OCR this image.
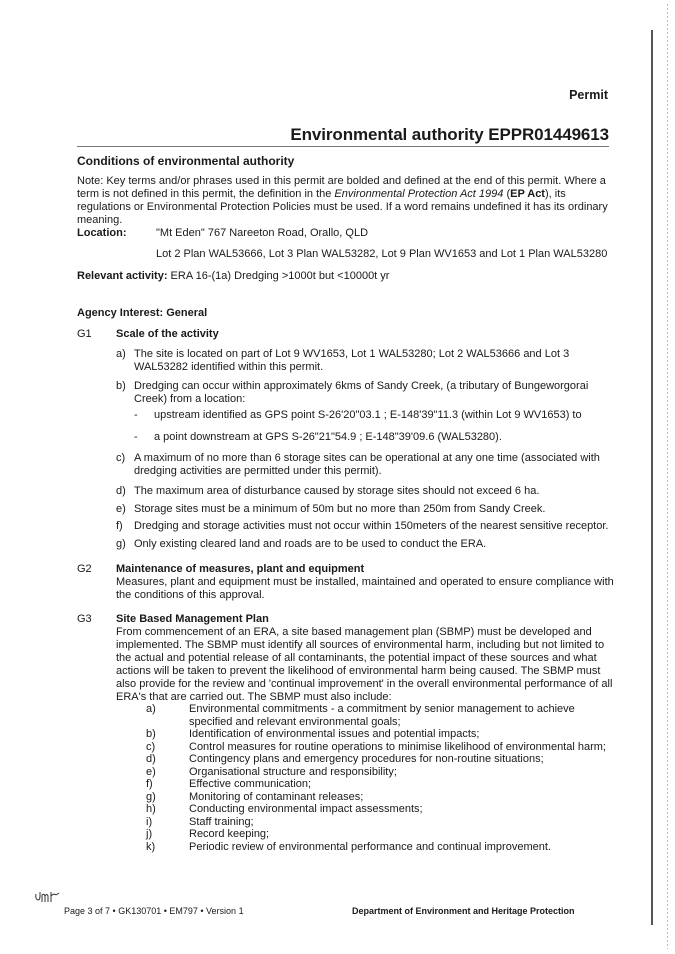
Permit
Environmental authority EPPR01449613
Conditions of environmental authority
Note: Key terms and/or phrases used in this permit are bolded and defined at the end of this permit. Where a term is not defined in this permit, the definition in the Environmental Protection Act 1994 (EP Act), its regulations or Environmental Protection Policies must be used. If a word remains undefined it has its ordinary meaning.
Location:	"Mt Eden" 767 Nareeton Road, Orallo, QLD
Lot 2 Plan WAL53666, Lot 3 Plan WAL53282, Lot 9 Plan WV1653 and Lot 1 Plan WAL53280
Relevant activity: ERA 16-(1a) Dredging >1000t but <10000t yr
Agency Interest: General
G1 Scale of the activity
a) The site is located on part of Lot 9 WV1653, Lot 1 WAL53280; Lot 2 WAL53666 and Lot 3
WAL53282 identified within this permit.
b) Dredging can occur within approximately 6kms of Sandy Creek, (a tributary of Bungeworgorai
Creek) from a location:
- upstream identified as GPS point S-26'20"03.1 ; E-148'39"11.3 (within Lot 9 WV1653) to
- a point downstream at GPS S-26"21"54.9 ; E-148"39'09.6 (WAL53280).
c) A maximum of no more than 6 storage sites can be operational at any one time (associated with
dredging activities are permitted under this permit).
d) The maximum area of disturbance caused by storage sites should not exceed 6 ha.
e) Storage sites must be a minimum of 50m but no more than 250m from Sandy Creek.
f) Dredging and storage activities must not occur within 150meters of the nearest sensitive receptor.
g) Only existing cleared land and roads are to be used to conduct the ERA.
G2 Maintenance of measures, plant and equipment
Measures, plant and equipment must be installed, maintained and operated to ensure compliance with
the conditions of this approval.
G3 Site Based Management Plan
From commencement of an ERA, a site based management plan (SBMP) must be developed and
implemented. The SBMP must identify all sources of environmental harm, including but not limited to
the actual and potential release of all contaminants, the potential impact of these sources and what
actions will be taken to prevent the likelihood of environmental harm being caused. The SBMP must
also provide for the review and 'continual improvement' in the overall environmental performance of all
ERA's that are carried out. The SBMP must also include:
a)	Environmental commitments - a commitment by senior management to achieve
specified and relevant environmental goals;
b)	Identification of environmental issues and potential impacts;
c)	Control measures for routine operations to minimise likelihood of environmental harm;
d)	Contingency plans and emergency procedures for non-routine situations;
e)	Organisational structure and responsibility;
f)	Effective communication;
g)	Monitoring of contaminant releases;
h)	Conducting environmental impact assessments;
i)	Staff training;
j)	Record keeping;
k)	Periodic review of environmental performance and continual improvement.
Page 3 of 7 • GK130701 • EM797 • Version 1	Department of Environment and Heritage Protection
